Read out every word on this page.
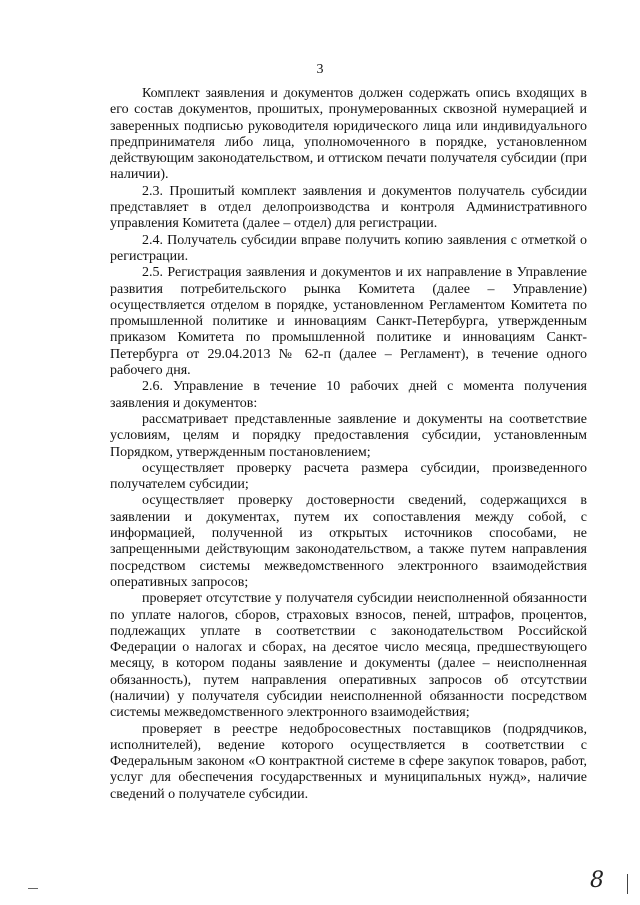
3

Комплект заявления и документов должен содержать опись входящих в его состав документов, прошитых, пронумерованных сквозной нумерацией и заверенных подписью руководителя юридического лица или индивидуального предпринимателя либо лица, уполномоченного в порядке, установленном действующим законодательством, и оттиском печати получателя субсидии (при наличии).

2.3. Прошитый комплект заявления и документов получатель субсидии представляет в отдел делопроизводства и контроля Административного управления Комитета (далее – отдел) для регистрации.

2.4. Получатель субсидии вправе получить копию заявления с отметкой о регистрации.

2.5. Регистрация заявления и документов и их направление в Управление развития потребительского рынка Комитета (далее – Управление) осуществляется отделом в порядке, установленном Регламентом Комитета по промышленной политике и инновациям Санкт-Петербурга, утвержденным приказом Комитета по промышленной политике и инновациям Санкт-Петербурга от 29.04.2013 № 62-п (далее – Регламент), в течение одного рабочего дня.

2.6. Управление в течение 10 рабочих дней с момента получения заявления и документов:

рассматривает представленные заявление и документы на соответствие условиям, целям и порядку предоставления субсидии, установленным Порядком, утвержденным постановлением;

осуществляет проверку расчета размера субсидии, произведенного получателем субсидии;

осуществляет проверку достоверности сведений, содержащихся в заявлении и документах, путем их сопоставления между собой, с информацией, полученной из открытых источников способами, не запрещенными действующим законодательством, а также путем направления посредством системы межведомственного электронного взаимодействия оперативных запросов;

проверяет отсутствие у получателя субсидии неисполненной обязанности по уплате налогов, сборов, страховых взносов, пеней, штрафов, процентов, подлежащих уплате в соответствии с законодательством Российской Федерации о налогах и сборах, на десятое число месяца, предшествующего месяцу, в котором поданы заявление и документы (далее – неисполненная обязанность), путем направления оперативных запросов об отсутствии (наличии) у получателя субсидии неисполненной обязанности посредством системы межведомственного электронного взаимодействия;

проверяет в реестре недобросовестных поставщиков (подрядчиков, исполнителей), ведение которого осуществляется в соответствии с Федеральным законом «О контрактной системе в сфере закупок товаров, работ, услуг для обеспечения государственных и муниципальных нужд», наличие сведений о получателе субсидии.

8
